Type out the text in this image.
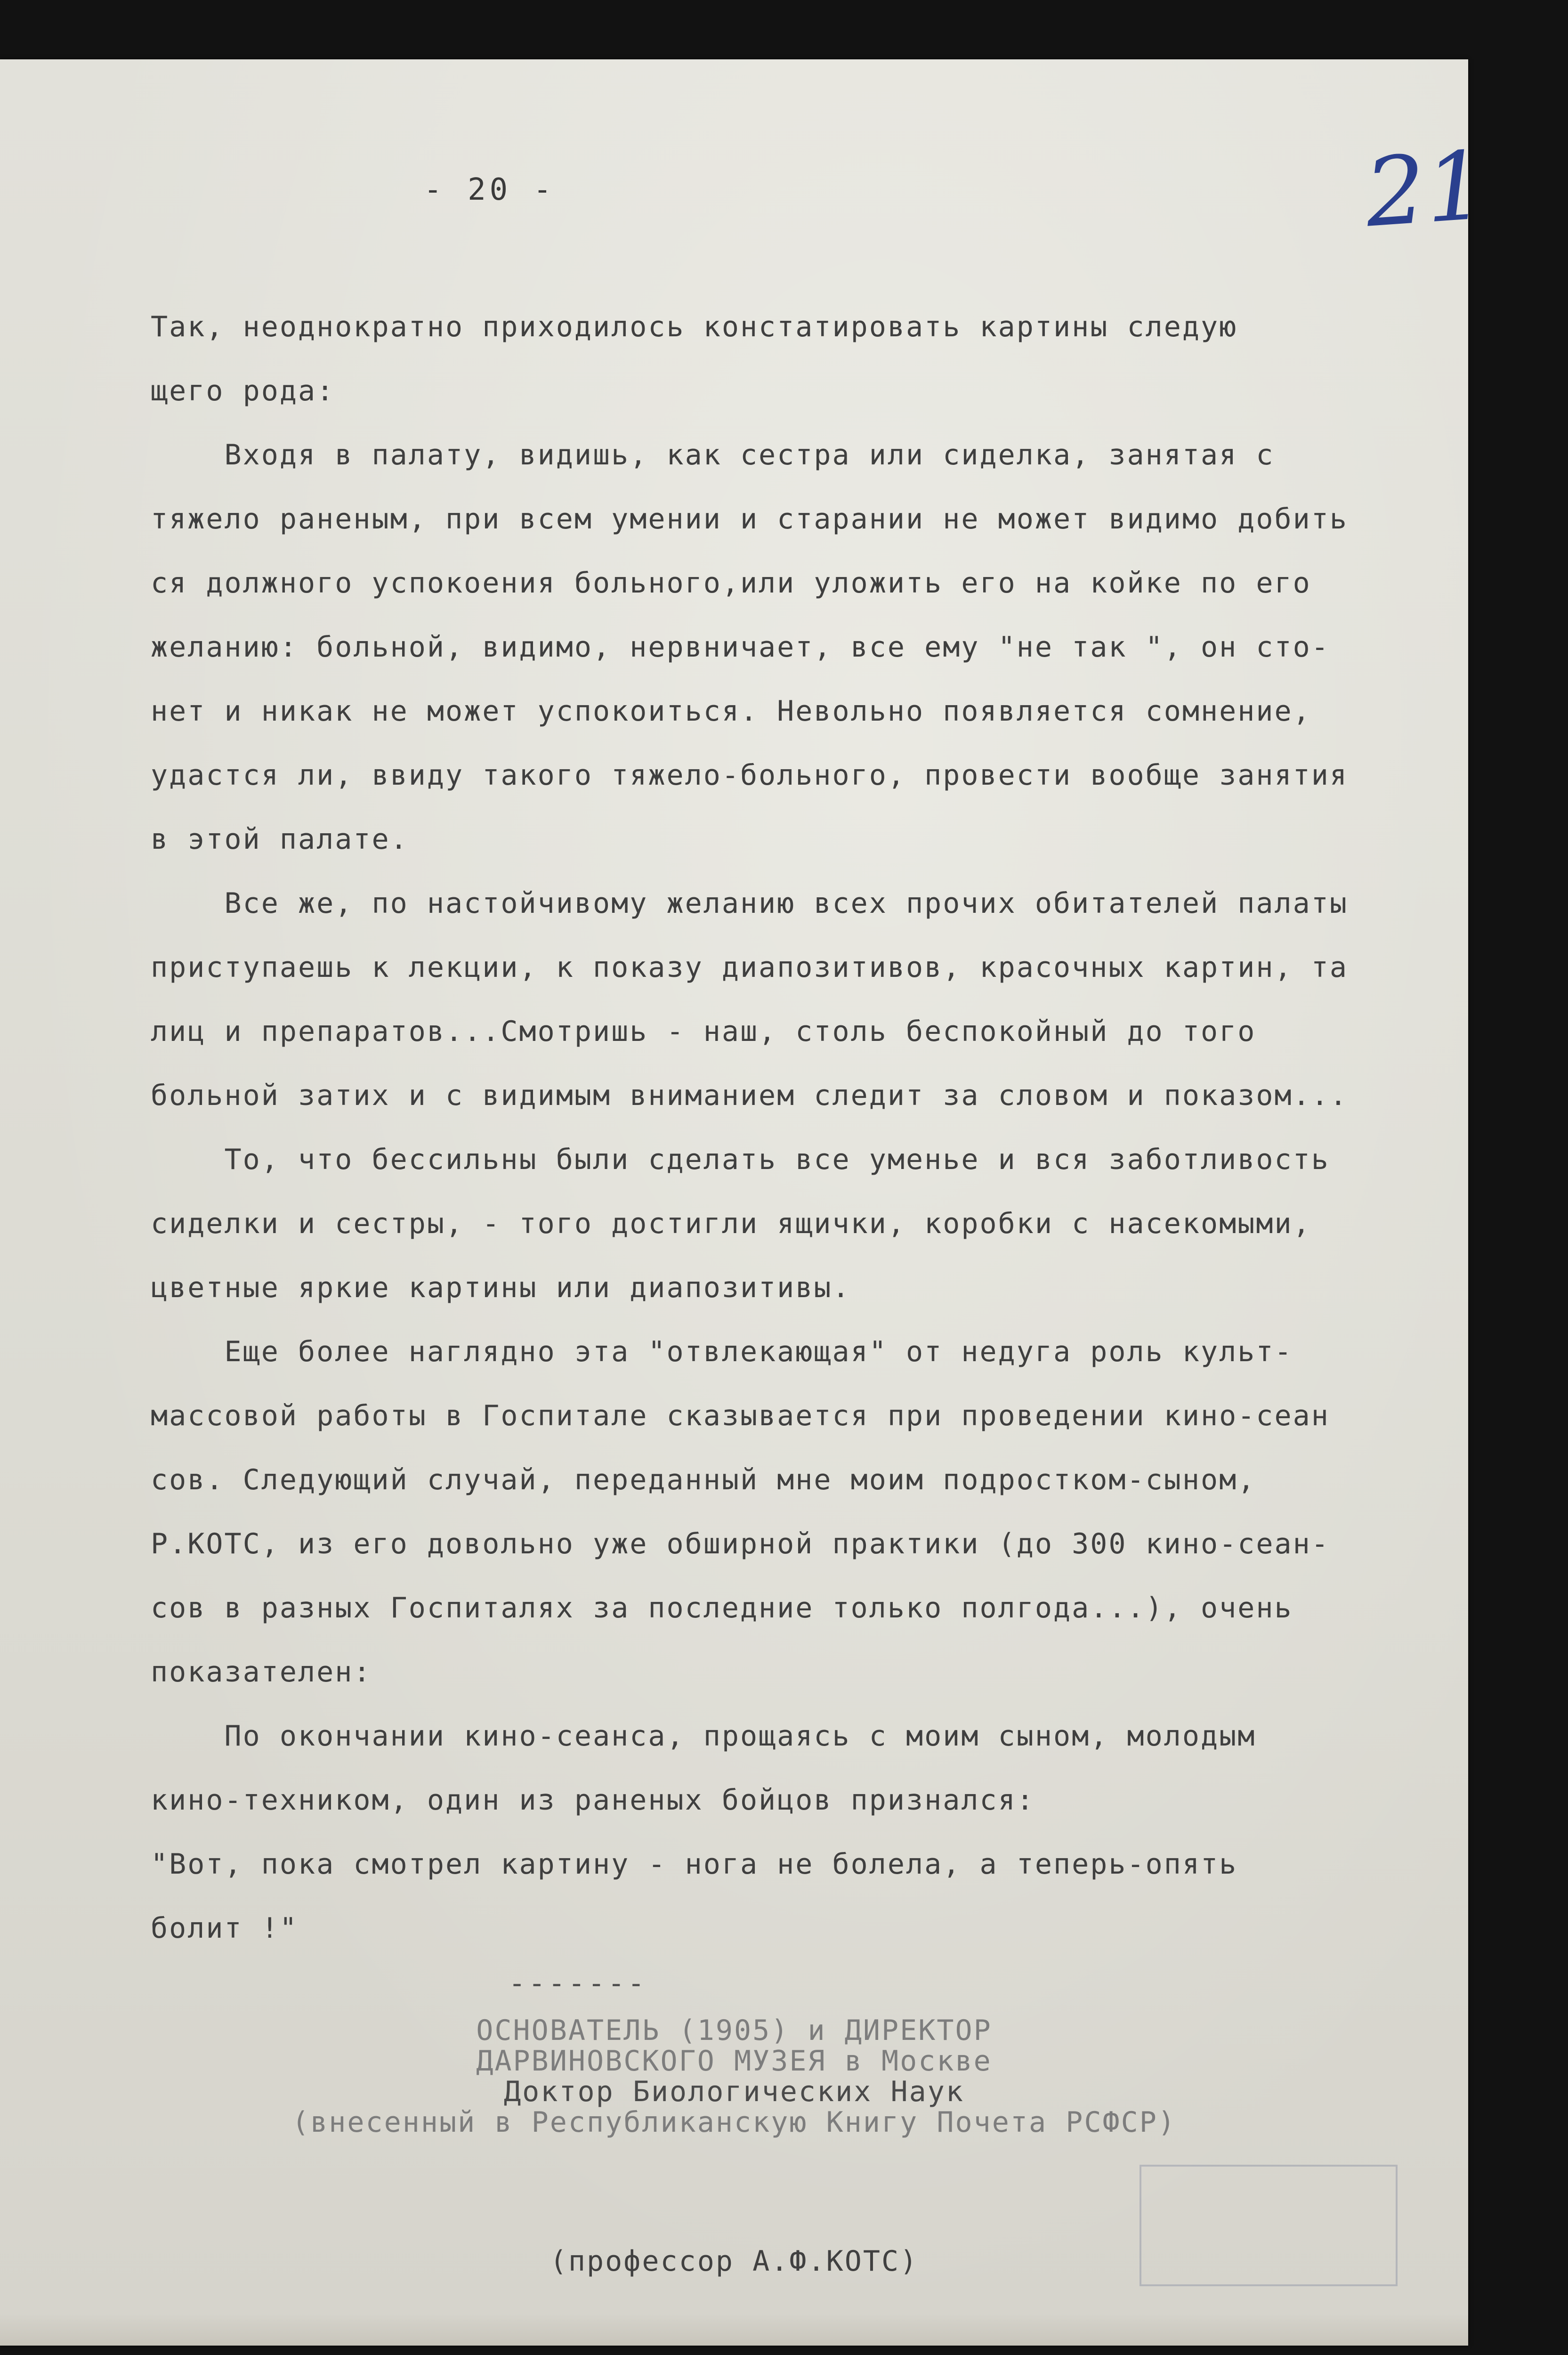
- 20 -	21
Так, неоднократно приходилось констатировать картины следую
щего рода:
Входя в палату, видишь, как сестра или сиделка, занятая с
тяжело раненым, при всем умении и старании не может видимо добить
ся должного успокоения больного,или уложить его на койке по его
желанию: больной, видимо, нервничает, все ему "не так ", он сто-
нет и никак не может успокоиться. Невольно появляется сомнение,
удастся ли, ввиду такого тяжело-больного, провести вообще занятия
в этой палате.
Все же, по настойчивому желанию всех прочих обитателей палаты
приступаешь к лекции, к показу диапозитивов, красочных картин, та
лиц и препаратов...Смотришь - наш, столь беспокойный до того
больной затих и с видимым вниманием следит за словом и показом...
То, что бессильны были сделать все уменье и вся заботливость
сиделки и сестры, - того достигли ящички, коробки с насекомыми,
цветные яркие картины или диапозитивы.
Еще более наглядно эта "отвлекающая" от недуга роль культ-
массовой работы в Госпитале сказывается при проведении кино-сеан
сов. Следующий случай, переданный мне моим подростком-сыном,
Р.КОТС, из его довольно уже обширной практики (до 300 кино-сеан-
сов в разных Госпиталях за последние только полгода...), очень
показателен:
По окончании кино-сеанса, прощаясь с моим сыном, молодым
кино-техником, один из раненых бойцов признался:
"Вот, пока смотрел картину - нога не болела, а теперь-опять
болит !"
-------
ОСНОВАТЕЛЬ (1905) и ДИРЕКТОР
ДАРВИНОВСКОГО МУЗЕЯ в Москве
Доктор Биологических Наук
(внесенный в Республиканскую Книгу Почета РСФСР)
(профессор А.Ф.КОТС)
